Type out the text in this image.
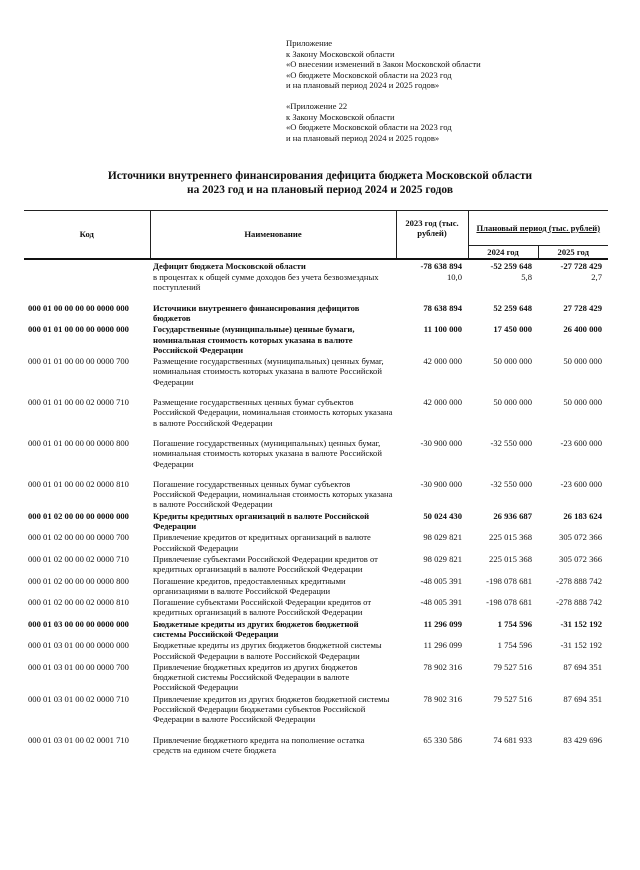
Приложение
к Закону Московской области
«О внесении изменений в Закон Московской области
«О бюджете Московской области на 2023 год
и на плановый период 2024 и 2025 годов»
«Приложение 22
к Закону Московской области
«О бюджете Московской области на 2023 год
и на плановый период 2024 и 2025 годов»
Источники внутреннего финансирования дефицита бюджета Московской области
на 2023 год и на плановый период 2024 и 2025 годов
Код	Наименование	2023 год (тыс. рублей)	Плановый период (тыс. рублей)	
			2024 год	2025 год
	Дефицит бюджета Московской области	-78 638 894	-52 259 648	-27 728 429
	в процентах к общей сумме доходов без учета безвозмездных поступлений	10,0	5,8	2,7
000 01 00 00 00 00 0000 000	Источники внутреннего финансирования дефицитов бюджетов	78 638 894	52 259 648	27 728 429
000 01 01 00 00 00 0000 000	Государственные (муниципальные) ценные бумаги, номинальная стоимость которых указана в валюте Российской Федерации	11 100 000	17 450 000	26 400 000
000 01 01 00 00 00 0000 700	Размещение государственных (муниципальных) ценных бумаг, номинальная стоимость которых указана в валюте Российской Федерации	42 000 000	50 000 000	50 000 000
000 01 01 00 00 02 0000 710	Размещение государственных ценных бумаг субъектов Российской Федерации, номинальная стоимость которых указана в валюте Российской Федерации	42 000 000	50 000 000	50 000 000
000 01 01 00 00 00 0000 800	Погашение государственных (муниципальных) ценных бумаг, номинальная стоимость которых указана в валюте Российской Федерации	-30 900 000	-32 550 000	-23 600 000
000 01 01 00 00 02 0000 810	Погашение государственных ценных бумаг субъектов Российской Федерации, номинальная стоимость которых указана в валюте Российской Федерации	-30 900 000	-32 550 000	-23 600 000
000 01 02 00 00 00 0000 000	Кредиты кредитных организаций в валюте Российской Федерации	50 024 430	26 936 687	26 183 624
000 01 02 00 00 00 0000 700	Привлечение кредитов от кредитных организаций в валюте Российской Федерации	98 029 821	225 015 368	305 072 366
000 01 02 00 00 02 0000 710	Привлечение субъектами Российской Федерации кредитов от кредитных организаций в валюте Российской Федерации	98 029 821	225 015 368	305 072 366
000 01 02 00 00 00 0000 800	Погашение кредитов, предоставленных кредитными организациями в валюте Российской Федерации	-48 005 391	-198 078 681	-278 888 742
000 01 02 00 00 02 0000 810	Погашение субъектами Российской Федерации кредитов от кредитных организаций в валюте Российской Федерации	-48 005 391	-198 078 681	-278 888 742
000 01 03 00 00 00 0000 000	Бюджетные кредиты из других бюджетов бюджетной системы Российской Федерации	11 296 099	1 754 596	-31 152 192
000 01 03 01 00 00 0000 000	Бюджетные кредиты из других бюджетов бюджетной системы Российской Федерации в валюте Российской Федерации	11 296 099	1 754 596	-31 152 192
000 01 03 01 00 00 0000 700	Привлечение бюджетных кредитов из других бюджетов бюджетной системы Российской Федерации в валюте Российской Федерации	78 902 316	79 527 516	87 694 351
000 01 03 01 00 02 0000 710	Привлечение кредитов из других бюджетов бюджетной системы Российской Федерации бюджетами субъектов Российской Федерации в валюте Российской Федерации	78 902 316	79 527 516	87 694 351
000 01 03 01 00 02 0001 710	Привлечение бюджетного кредита на пополнение остатка средств на едином счете бюджета	65 330 586	74 681 933	83 429 696
